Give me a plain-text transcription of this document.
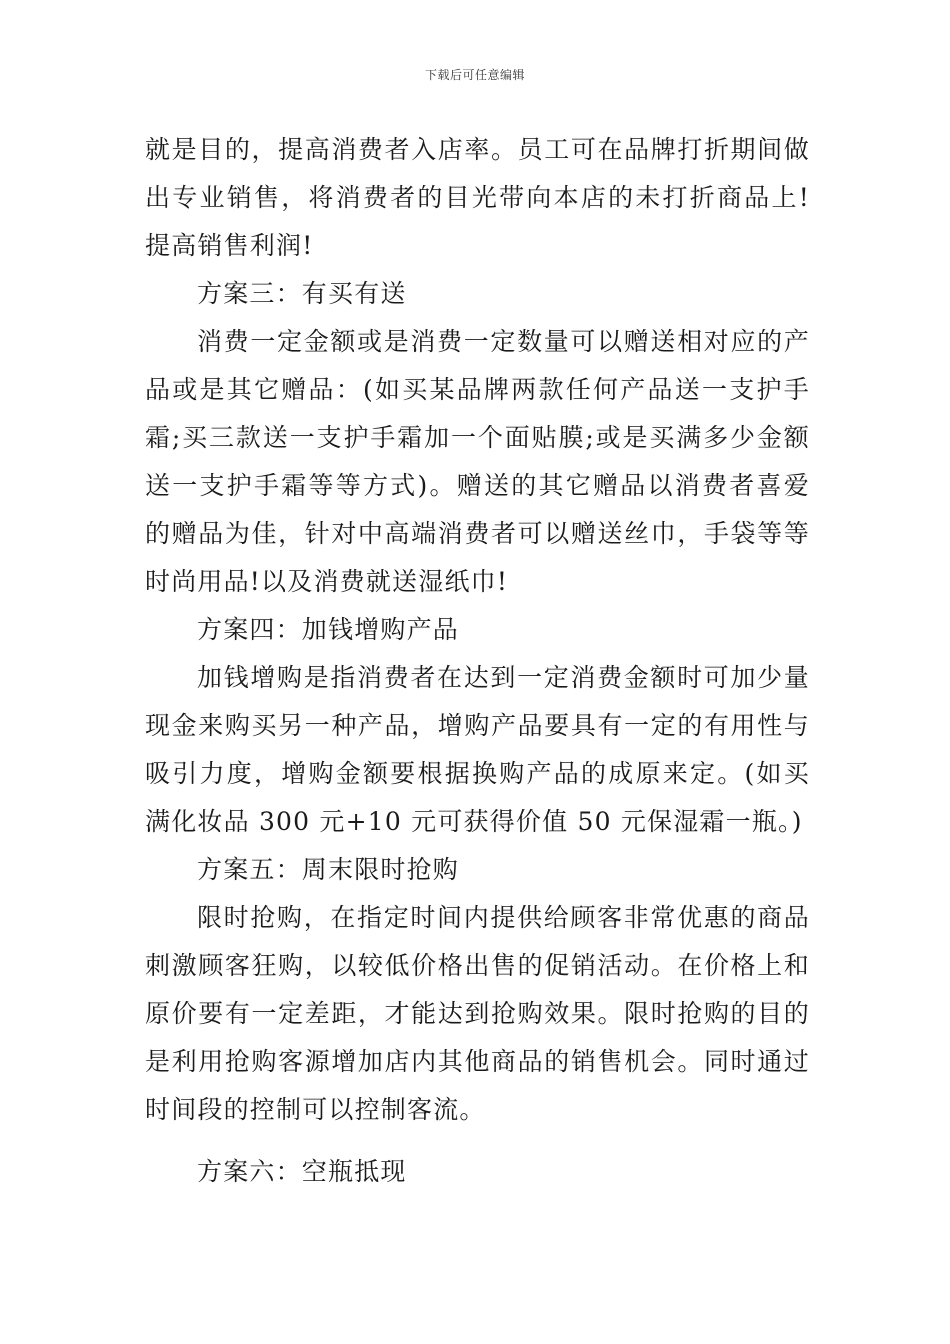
下载后可任意编辑

就是目的，提高消费者入店率。员工可在品牌打折期间做出专业销售，将消费者的目光带向本店的未打折商品上!提高销售利润!

方案三：有买有送

消费一定金额或是消费一定数量可以赠送相对应的产品或是其它赠品：(如买某品牌两款任何产品送一支护手霜;买三款送一支护手霜加一个面贴膜;或是买满多少金额送一支护手霜等等方式)。赠送的其它赠品以消费者喜爱的赠品为佳，针对中高端消费者可以赠送丝巾，手袋等等时尚用品!以及消费就送湿纸巾!

方案四：加钱增购产品

加钱增购是指消费者在达到一定消费金额时可加少量现金来购买另一种产品，增购产品要具有一定的有用性与吸引力度，增购金额要根据换购产品的成原来定。(如买满化妆品 300 元+10 元可获得价值 50 元保湿霜一瓶。)

方案五：周末限时抢购

限时抢购，在指定时间内提供给顾客非常优惠的商品刺激顾客狂购，以较低价格出售的促销活动。在价格上和原价要有一定差距，才能达到抢购效果。限时抢购的目的是利用抢购客源增加店内其他商品的销售机会。同时通过时间段的控制可以控制客流。

方案六：空瓶抵现
